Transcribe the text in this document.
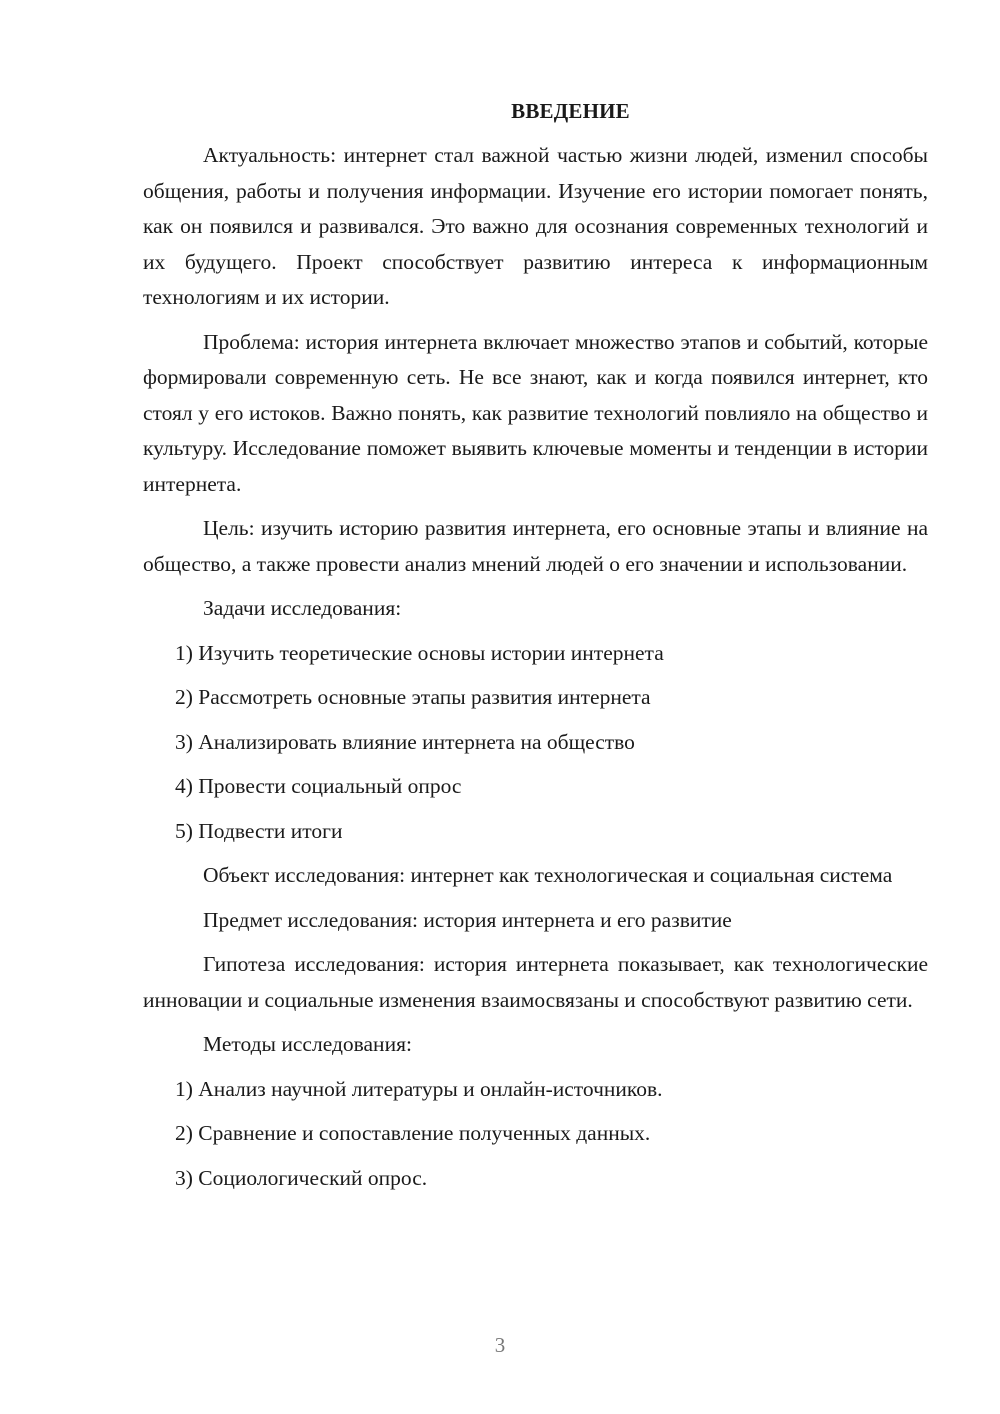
ВВЕДЕНИЕ

Актуальность: интернет стал важной частью жизни людей, изменил способы общения, работы и получения информации. Изучение его истории помогает понять, как он появился и развивался. Это важно для осознания современных технологий и их будущего. Проект способствует развитию интереса к информационным технологиям и их истории.

Проблема: история интернета включает множество этапов и событий, которые формировали современную сеть. Не все знают, как и когда появился интернет, кто стоял у его истоков. Важно понять, как развитие технологий повлияло на общество и культуру. Исследование поможет выявить ключевые моменты и тенденции в истории интернета.

Цель: изучить историю развития интернета, его основные этапы и влияние на общество, а также провести анализ мнений людей о его значении и использовании.

Задачи исследования:

1) Изучить теоретические основы истории интернета

2) Рассмотреть основные этапы развития интернета

3) Анализировать влияние интернета на общество

4) Провести социальный опрос

5) Подвести итоги

Объект исследования: интернет как технологическая и социальная система

Предмет исследования: история интернета и его развитие

Гипотеза исследования: история интернета показывает, как технологические инновации и социальные изменения взаимосвязаны и способствуют развитию сети.

Методы исследования:

1) Анализ научной литературы и онлайн-источников.

2) Сравнение и сопоставление полученных данных.

3) Социологический опрос.

3
